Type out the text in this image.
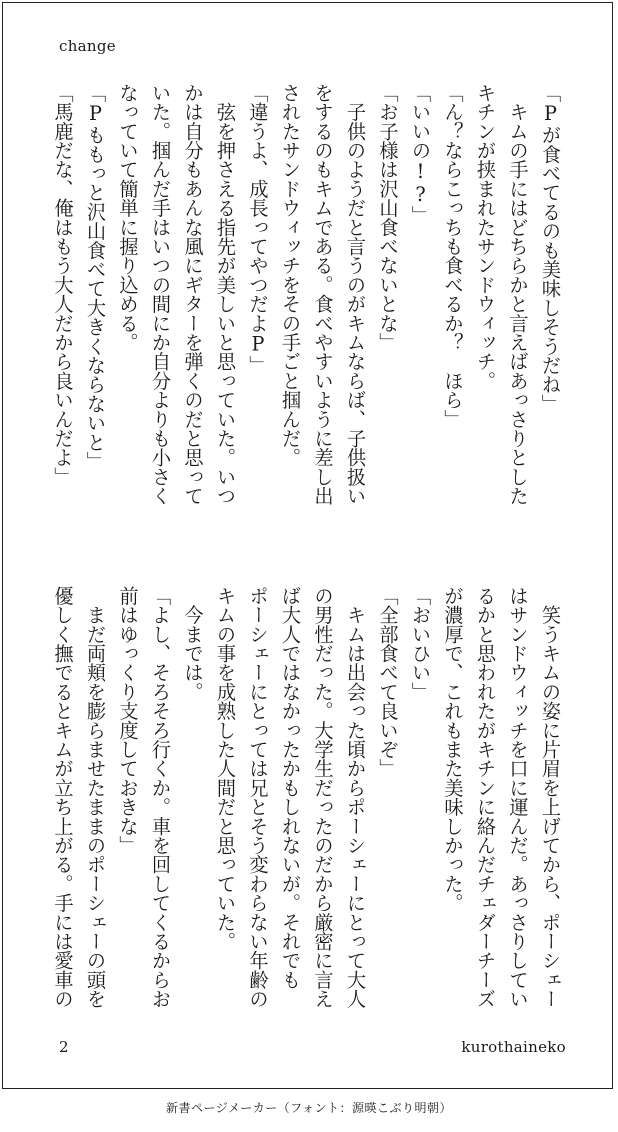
change
「Pが食べてるのも美味しそうだね」
　キムの手にはどちらかと言えばあっさりとした
キチンが挟まれたサンドウィッチ。
「ん？ならこっちも食べるか？　ほら」
「いいの!?」
「お子様は沢山食べないとな」
　子供のようだと言うのがキムならば、子供扱い
をするのもキムである。食べやすいように差し出
されたサンドウィッチをその手ごと掴んだ。
「違うよ、成長ってやつだよP」
　弦を押さえる指先が美しいと思っていた。いつ
かは自分もあんな風にギターを弾くのだと思って
いた。掴んだ手はいつの間にか自分よりも小さく
なっていて簡単に握り込める。
「Pももっと沢山食べて大きくならないと」
「馬鹿だな、俺はもう大人だから良いんだよ」
　笑うキムの姿に片眉を上げてから、ポーシェー
はサンドウィッチを口に運んだ。あっさりしてい
るかと思われたがキチンに絡んだチェダーチーズ
が濃厚で、これもまた美味しかった。
「おいひい」
「全部食べて良いぞ」
　キムは出会った頃からポーシェーにとって大人
の男性だった。大学生だったのだから厳密に言え
ば大人ではなかったかもしれないが。それでも
ポーシェーにとっては兄とそう変わらない年齢の
キムの事を成熟した人間だと思っていた。
　今までは。
「よし、そろそろ行くか。車を回してくるからお
前はゆっくり支度しておきな」
　まだ両頬を膨らませたままのポーシェーの頭を
優しく撫でるとキムが立ち上がる。手には愛車の
2	kurothaineko
新書ページメーカー（フォント：源暎こぶり明朝）
